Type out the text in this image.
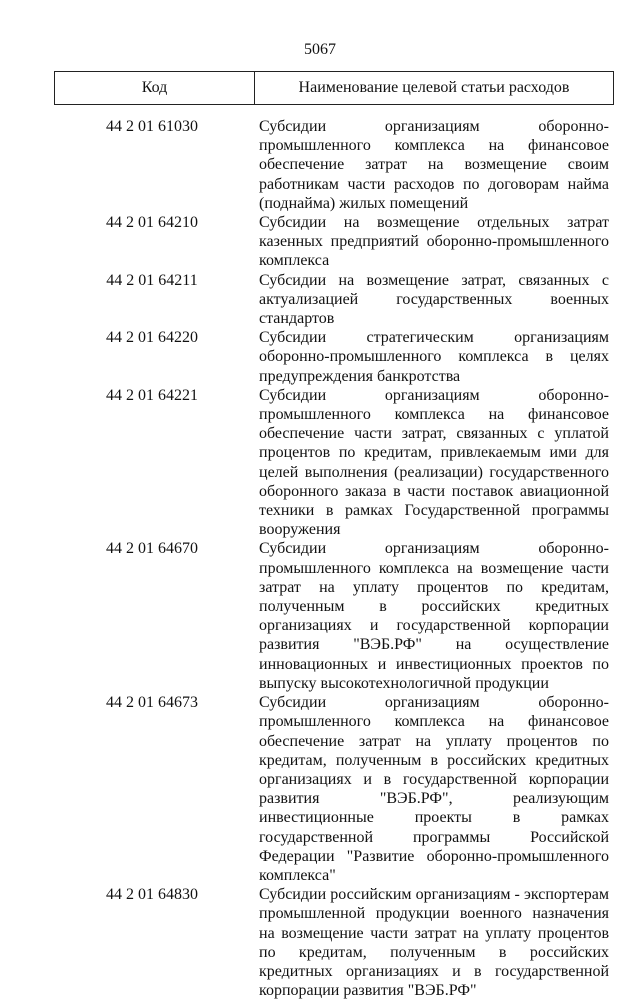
5067
Код	Наименование целевой статьи расходов
44 2 01 61030	Субсидии организациям оборонно-промышленного комплекса на финансовое обеспечение затрат на возмещение своим работникам части расходов по договорам найма (поднайма) жилых помещений
44 2 01 64210	Субсидии на возмещение отдельных затрат казенных предприятий оборонно-промышленного комплекса
44 2 01 64211	Субсидии на возмещение затрат, связанных с актуализацией государственных военных стандартов
44 2 01 64220	Субсидии стратегическим организациям оборонно-промышленного комплекса в целях предупреждения банкротства
44 2 01 64221	Субсидии организациям оборонно-промышленного комплекса на финансовое обеспечение части затрат, связанных с уплатой процентов по кредитам, привлекаемым ими для целей выполнения (реализации) государственного оборонного заказа в части поставок авиационной техники в рамках Государственной программы вооружения
44 2 01 64670	Субсидии организациям оборонно-промышленного комплекса на возмещение части затрат на уплату процентов по кредитам, полученным в российских кредитных организациях и государственной корпорации развития "ВЭБ.РФ" на осуществление инновационных и инвестиционных проектов по выпуску высокотехнологичной продукции
44 2 01 64673	Субсидии организациям оборонно-промышленного комплекса на финансовое обеспечение затрат на уплату процентов по кредитам, полученным в российских кредитных организациях и в государственной корпорации развития "ВЭБ.РФ", реализующим инвестиционные проекты в рамках государственной программы Российской Федерации "Развитие оборонно-промышленного комплекса"
44 2 01 64830	Субсидии российским организациям - экспортерам промышленной продукции военного назначения на возмещение части затрат на уплату процентов по кредитам, полученным в российских кредитных организациях и в государственной корпорации развития "ВЭБ.РФ"
